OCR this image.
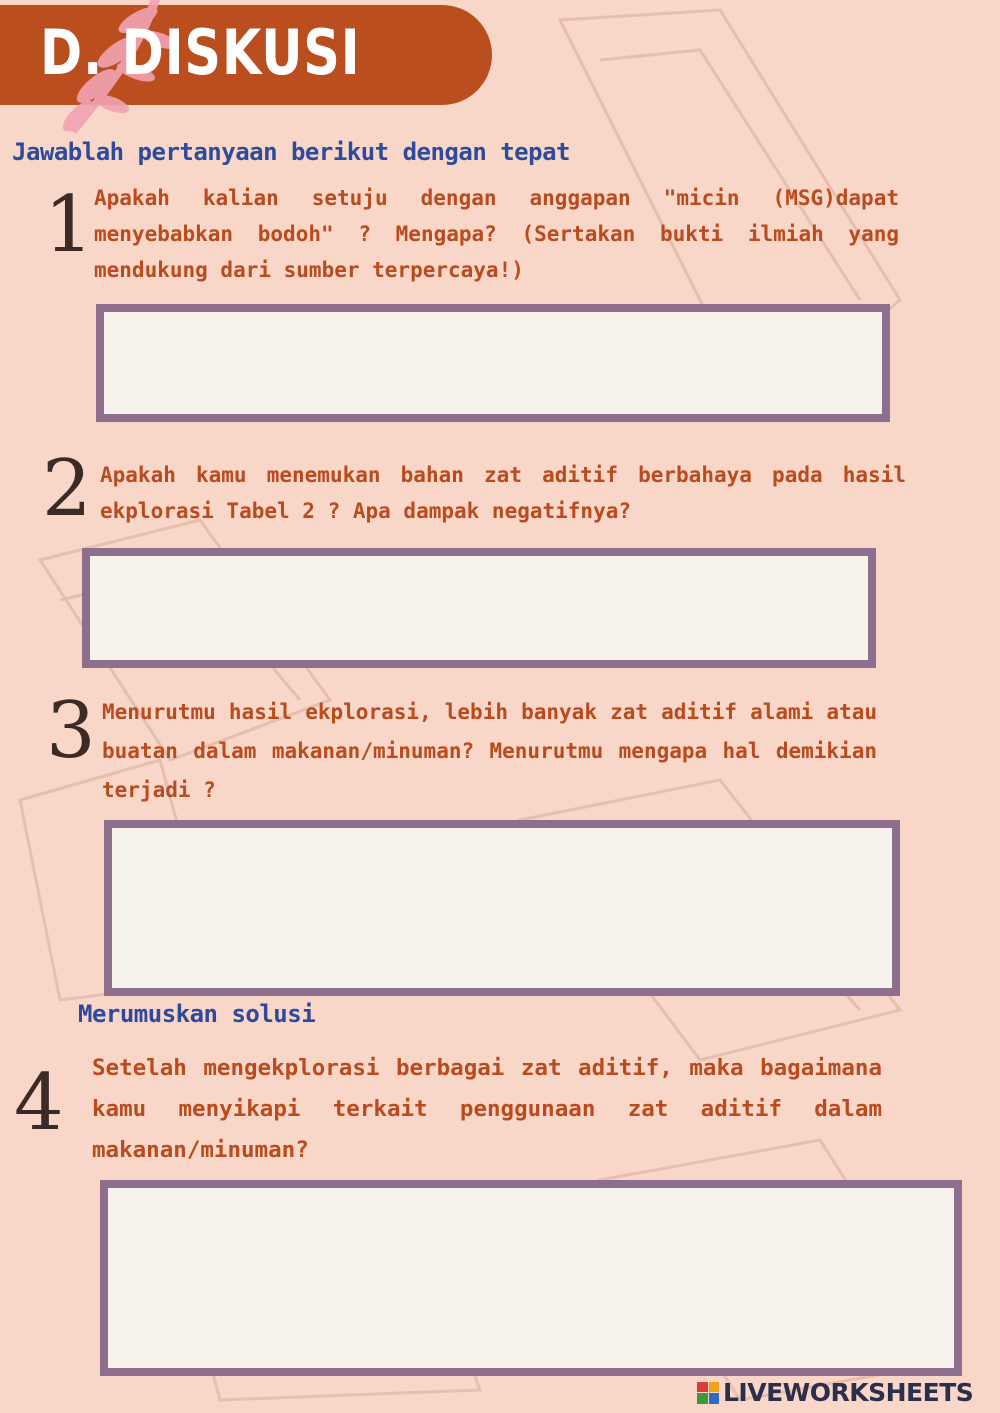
D. DISKUSI
Jawablah pertanyaan berikut dengan tepat
1 Apakah kalian setuju dengan anggapan "micin (MSG)dapat menyebabkan bodoh" ? Mengapa? (Sertakan bukti ilmiah yang mendukung dari sumber terpercaya!)
2 Apakah kamu menemukan bahan zat aditif berbahaya pada hasil ekplorasi Tabel 2 ? Apa dampak negatifnya?
3 Menurutmu hasil ekplorasi, lebih banyak zat aditif alami atau buatan dalam makanan/minuman? Menurutmu mengapa hal demikian terjadi ?
Merumuskan solusi
4 Setelah mengekplorasi berbagai zat aditif, maka bagaimana kamu menyikapi terkait penggunaan zat aditif dalam makanan/minuman?
LIVEWORKSHEETS
